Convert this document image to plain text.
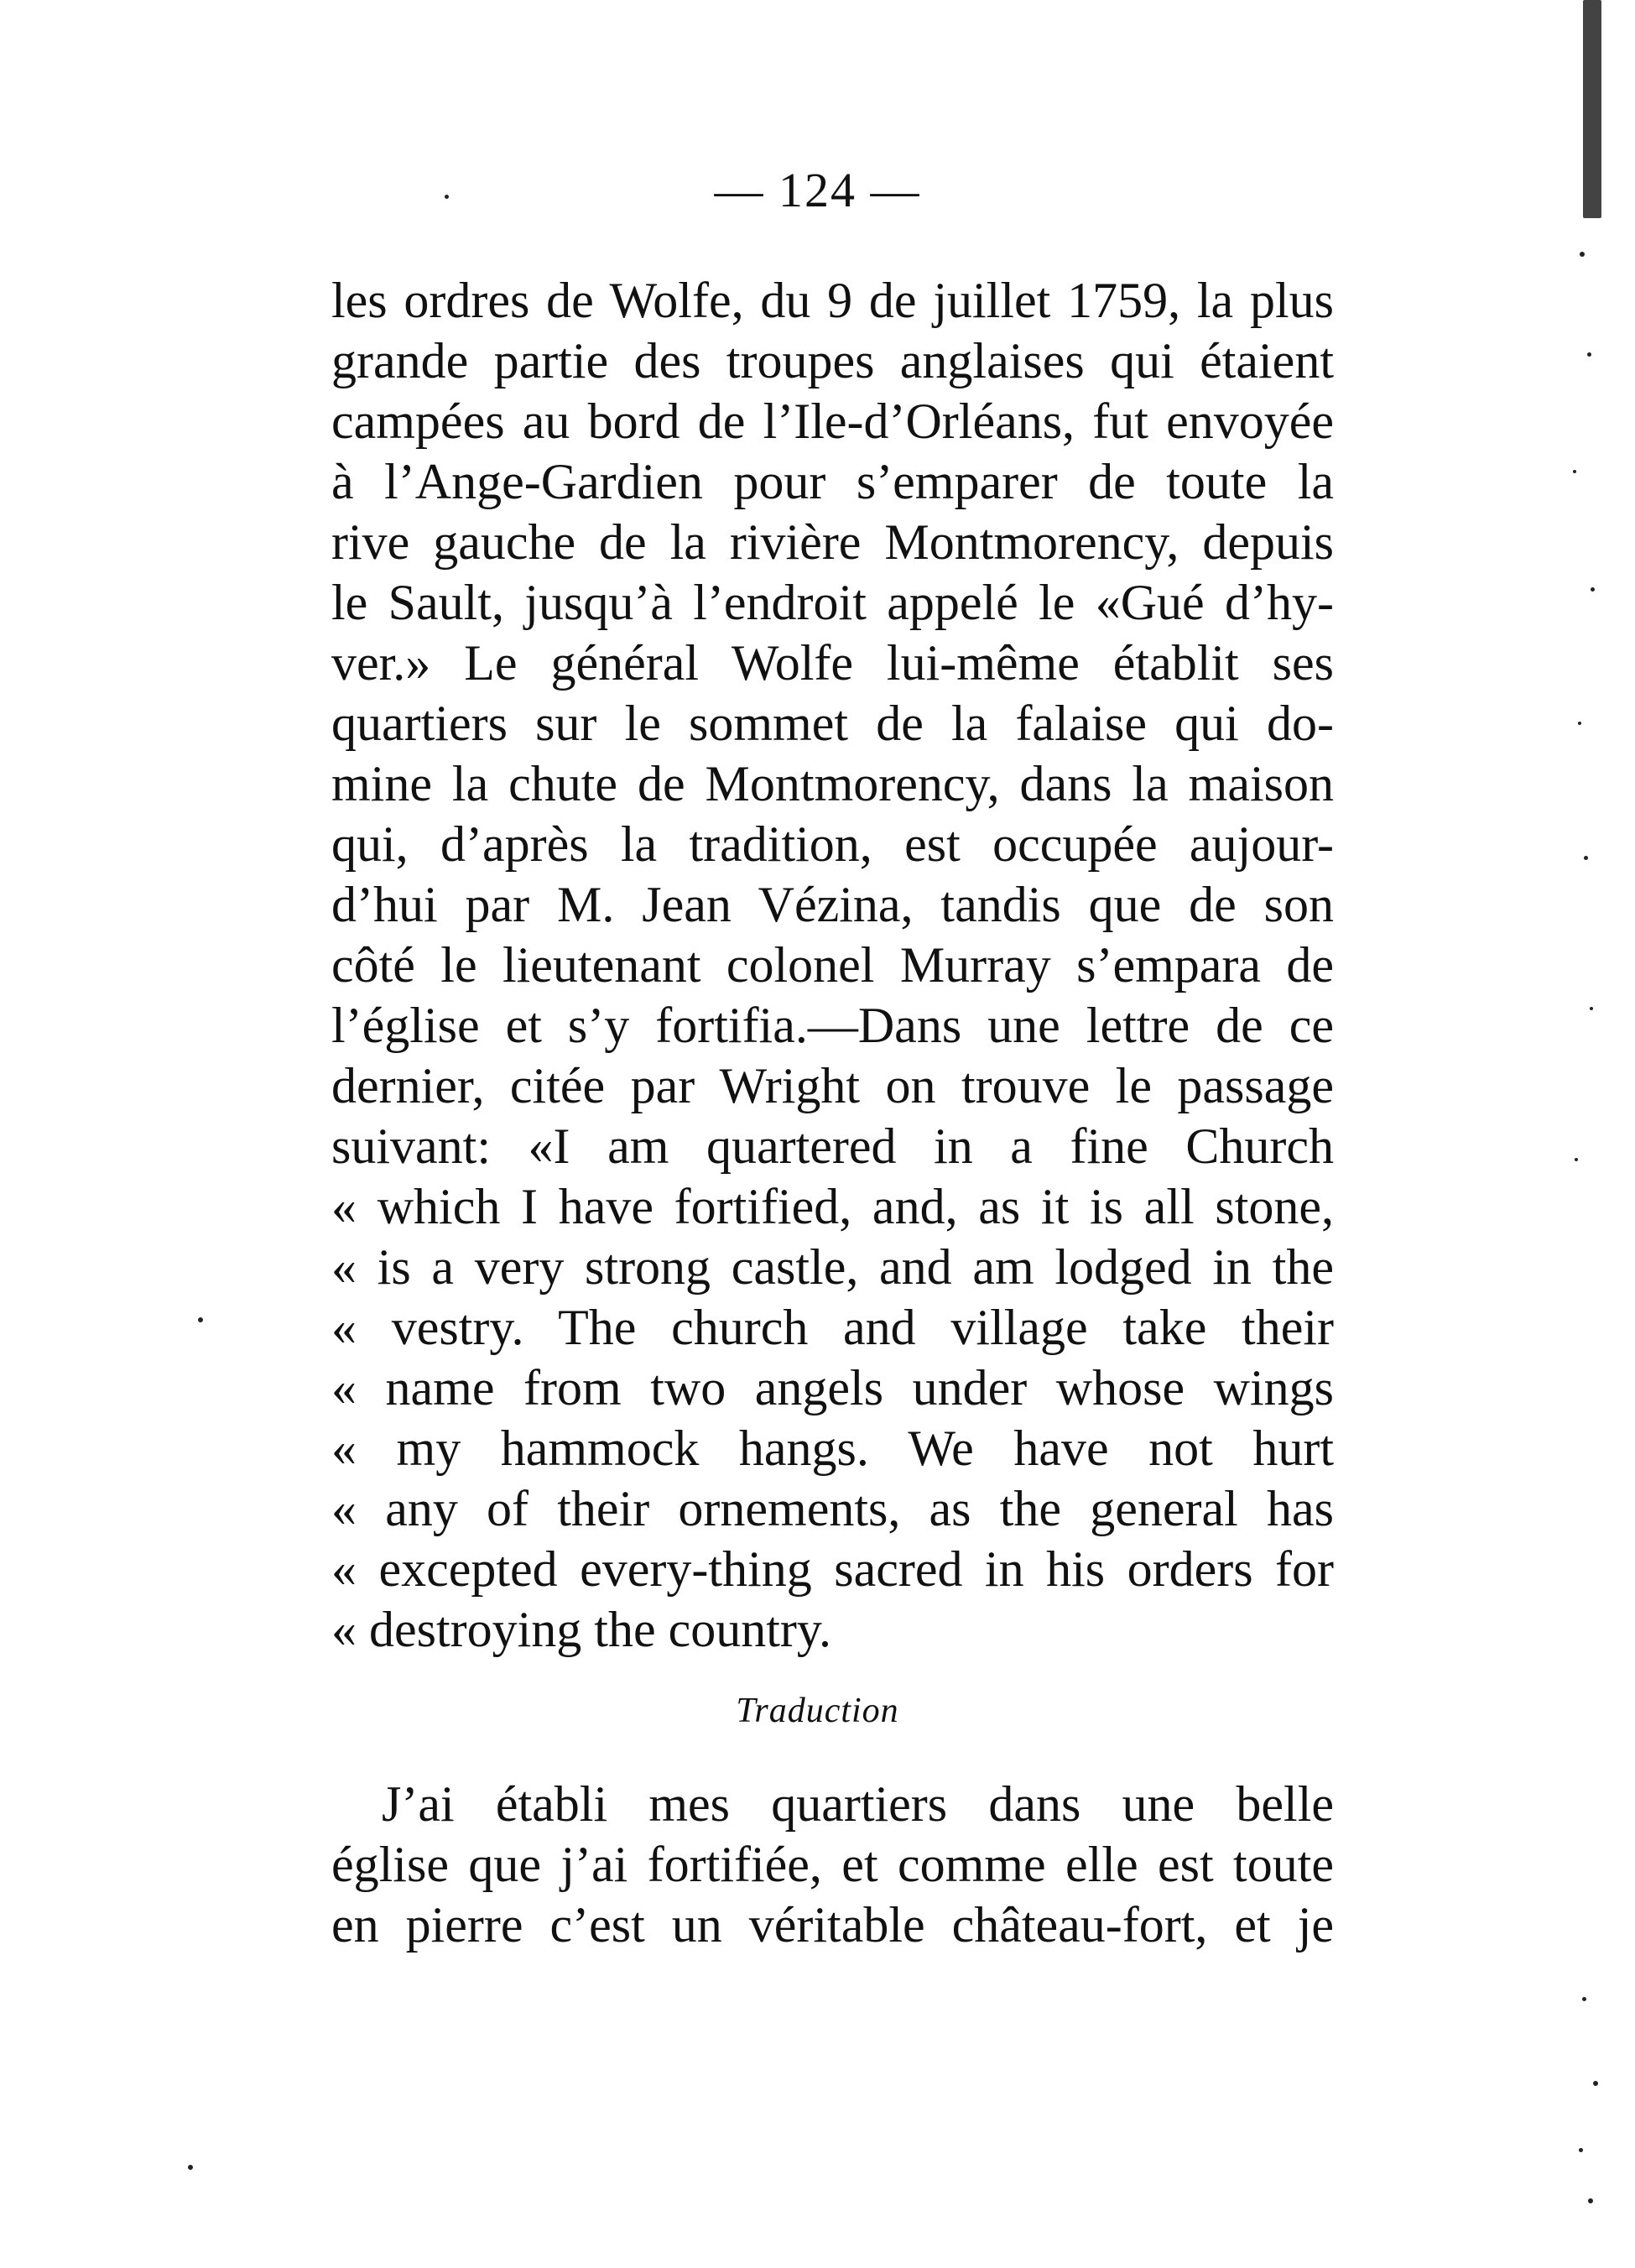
— 124 —
les ordres de Wolfe, du 9 de juillet 1759, la plus
grande partie des troupes anglaises qui étaient
campées au bord de l’Ile-d’Orléans, fut envoyée
à l’Ange-Gardien pour s’emparer de toute la
rive gauche de la rivière Montmorency, depuis
le Sault, jusqu’à l’endroit appelé le «Gué d’hy-
ver.» Le général Wolfe lui-même établit ses
quartiers sur le sommet de la falaise qui do-
mine la chute de Montmorency, dans la maison
qui, d’après la tradition, est occupée aujour-
d’hui par M. Jean Vézina, tandis que de son
côté le lieutenant colonel Murray s’empara de
l’église et s’y fortifia.—Dans une lettre de ce
dernier, citée par Wright on trouve le passage
suivant: «I am quartered in a fine Church
« which I have fortified, and, as it is all stone,
« is a very strong castle, and am lodged in the
« vestry. The church and village take their
« name from two angels under whose wings
« my hammock hangs. We have not hurt
« any of their ornements, as the general has
« excepted every-thing sacred in his orders for
« destroying the country.
Traduction
J’ai établi mes quartiers dans une belle
église que j’ai fortifiée, et comme elle est toute
en pierre c’est un véritable château-fort, et je
